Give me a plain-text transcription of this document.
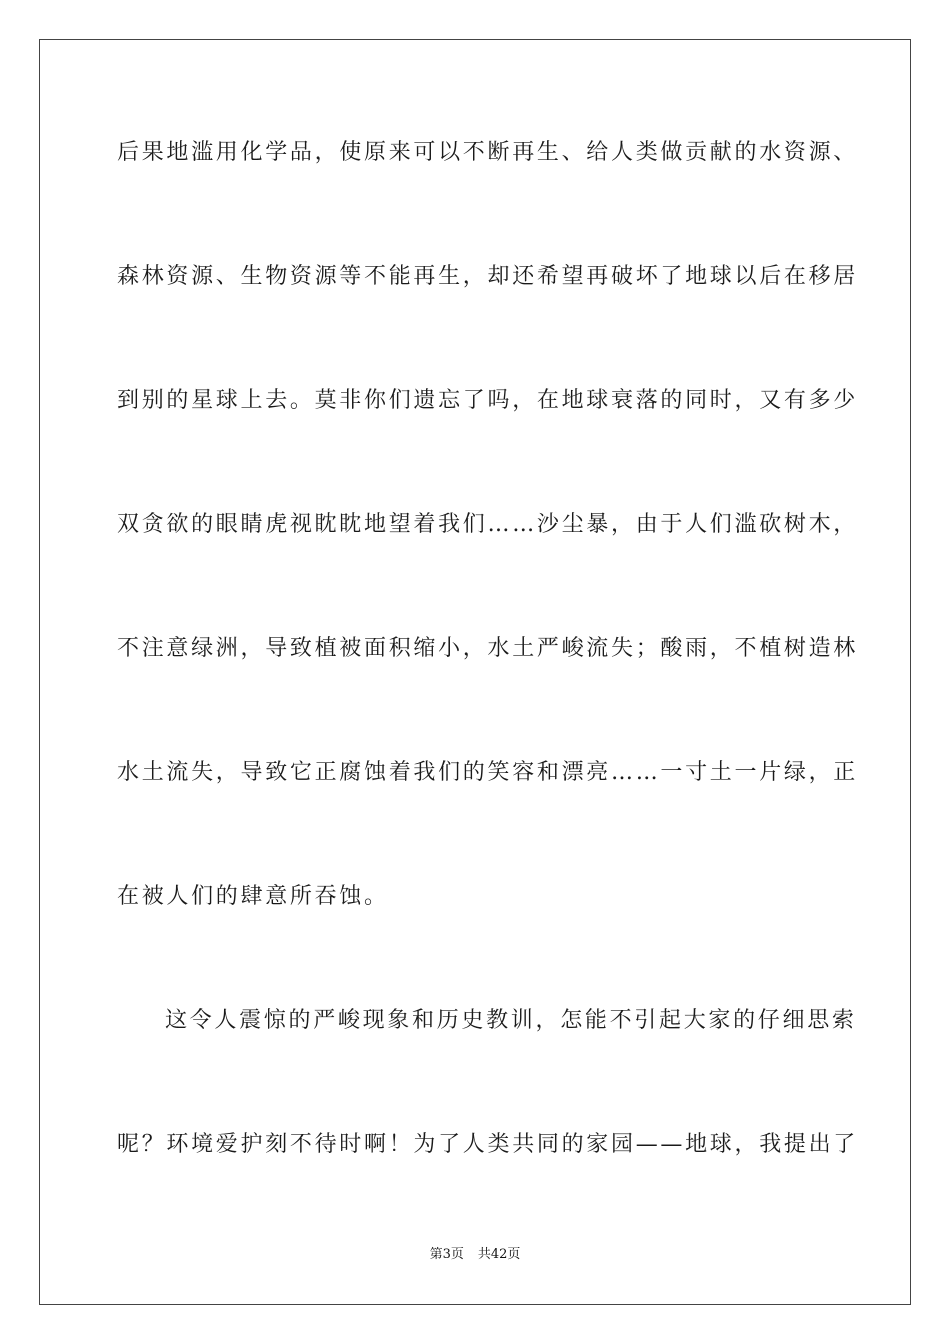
后果地滥用化学品，使原来可以不断再生、给人类做贡献的水资源、
森林资源、生物资源等不能再生，却还希望再破坏了地球以后在移居
到别的星球上去。莫非你们遗忘了吗，在地球衰落的同时，又有多少
双贪欲的眼睛虎视眈眈地望着我们……沙尘暴，由于人们滥砍树木，
不注意绿洲，导致植被面积缩小，水土严峻流失；酸雨，不植树造林
水土流失，导致它正腐蚀着我们的笑容和漂亮……一寸土一片绿，正
在被人们的肆意所吞蚀。
这令人震惊的严峻现象和历史教训，怎能不引起大家的仔细思索
呢？环境爱护刻不待时啊！为了人类共同的家园——地球，我提出了
第3页 共42页
